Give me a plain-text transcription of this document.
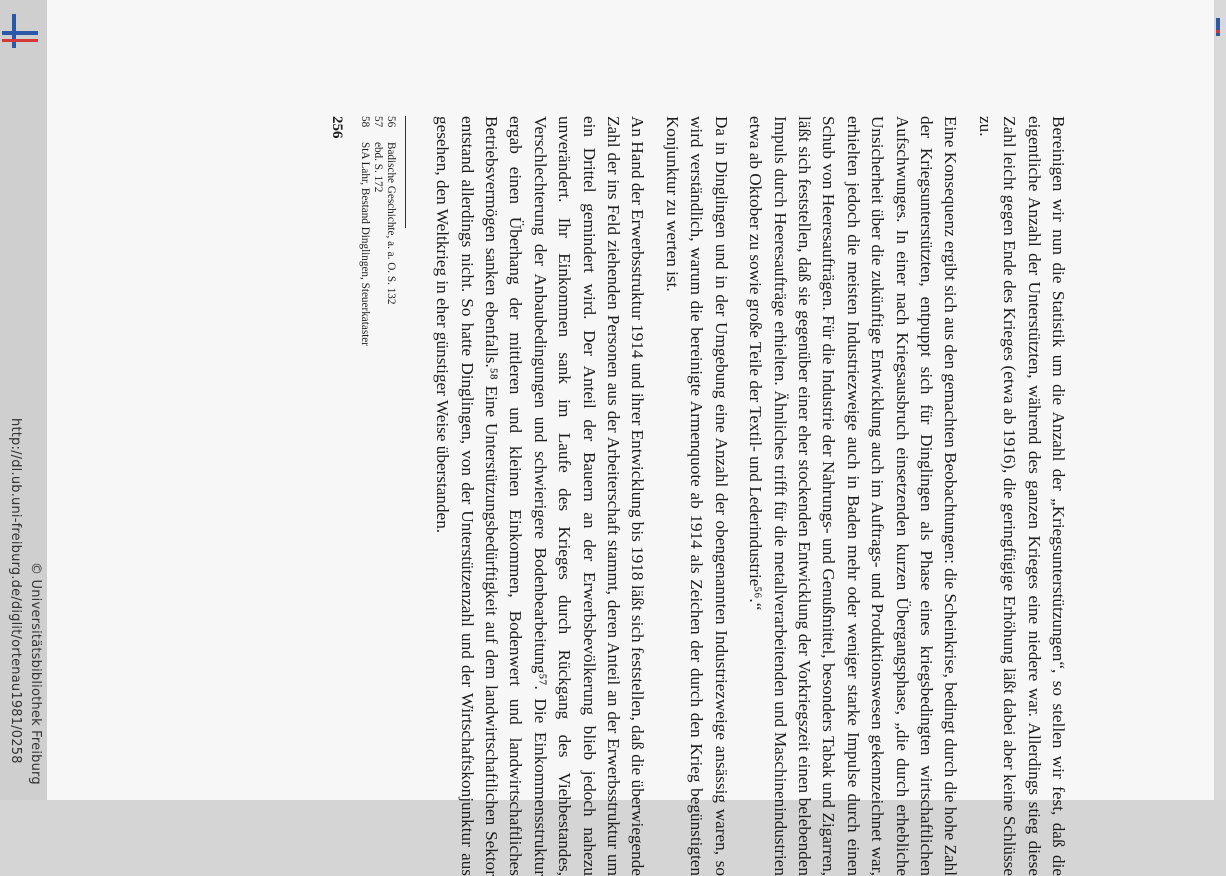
http://dl.ub.uni-freiburg.de/diglit/ortenau1981/0258 © Universitätsbibliothek Freiburg	Bereinigen wir nun die Statistik um die Anzahl der „Kriegsunterstützungen“, so stellen wir fest, daß die eigentliche Anzahl der Unterstützten, während des ganzen Krieges eine niedere war. Allerdings stieg diese Zahl leicht gegen Ende des Krieges (etwa ab 1916), die geringfügige Erhöhung läßt dabei aber keine Schlüsse zu.

Eine Konsequenz ergibt sich aus den gemachten Beobachtungen: die Scheinkrise, bedingt durch die hohe Zahl der Kriegsunterstützten, entpuppt sich für Dinglingen als Phase eines kriegsbedingten wirtschaftlichen Aufschwunges. In einer nach Kriegsausbruch einsetzenden kurzen Übergangsphase, „die durch erhebliche Unsicherheit über die zukünftige Entwicklung auch im Auftrags- und Produktionswesen gekennzeichnet war, erhielten jedoch die meisten Industriezweige auch in Baden mehr oder weniger starke Impulse durch einen Schub von Heeresaufträgen. Für die Industrie der Nahrungs- und Genußmittel, besonders Tabak und Zigarren, läßt sich feststellen, daß sie gegenüber einer eher stockenden Entwicklung der Vorkriegszeit einen belebenden Impuls durch Heeresaufträge erhielten. Ähnliches trifft für die metallverarbeitenden und Maschinenindustrien etwa ab Oktober zu sowie große Teile der Textil- und Lederindustrie⁵⁶.“

Da in Dinglingen und in der Umgebung eine Anzahl der obengenannten Industriezweige ansässig waren, so wird verständlich, warum die bereinigte Armenquote ab 1914 als Zeichen der durch den Krieg begünstigten Konjunktur zu werten ist.

An Hand der Erwerbsstruktur 1914 und ihrer Entwicklung bis 1918 läßt sich feststellen, daß die überwiegende Zahl der ins Feld ziehenden Personen aus der Arbeiterschaft stammt, deren Anteil an der Erwerbsstruktur um ein Drittel gemindert wird. Der Anteil der Bauern an der Erwerbsbevölkerung blieb jedoch nahezu unverändert. Ihr Einkommen sank im Laufe des Krieges durch Rückgang des Viehbestandes, Verschlechterung der Anbaubedingungen und schwierigere Bodenbearbeitung⁵⁷. Die Einkommensstruktur ergab einen Überhang der mittleren und kleinen Einkommen, Bodenwert und landwirtschaftliches Betriebsvermögen sanken ebenfalls.⁵⁸ Eine Unterstützungsbedürftigkeit auf dem landwirtschaftlichen Sektor entstand allerdings nicht. So hatte Dinglingen, von der Unterstützenzahl und der Wirtschaftskonjunktur aus gesehen, den Weltkrieg in eher günstiger Weise überstanden.

56Badische Geschichte, a. a. O. S. 132

57ebd. S. 172

58StA Lahr, Bestand Dinglingen, Steuerkataster

256
